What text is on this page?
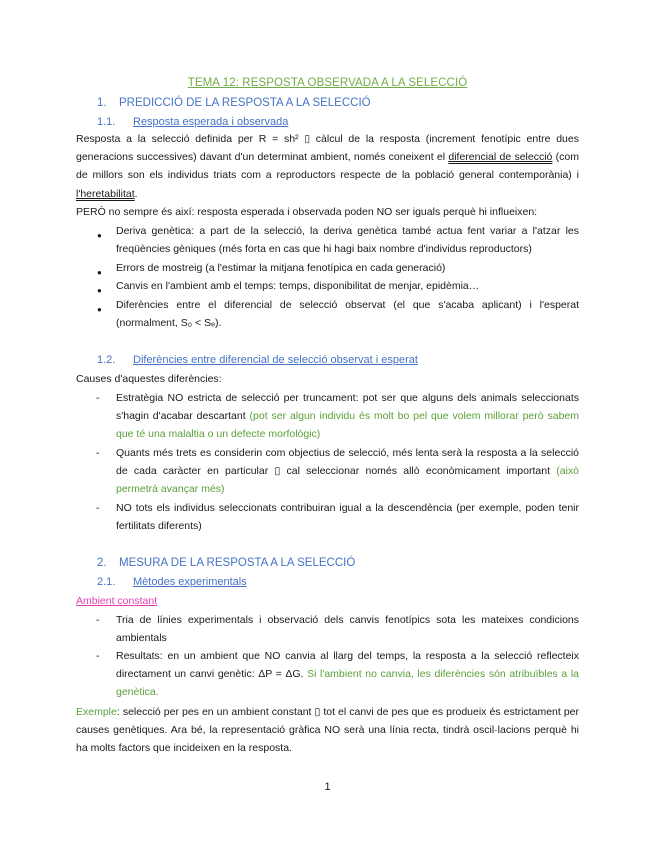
TEMA 12: RESPOSTA OBSERVADA A LA SELECCIÓ
1. PREDICCIÓ DE LA RESPOSTA A LA SELECCIÓ
1.1. Resposta esperada i observada
Resposta a la selecció definida per R = sh² ▯ càlcul de la resposta (increment fenotípic entre dues generacions successives) davant d'un determinat ambient, només coneixent el diferencial de selecció (com de millors son els individus triats com a reproductors respecte de la població general contemporània) i l'heretabilitat.
PERÒ no sempre és així: resposta esperada i observada poden NO ser iguals perquè hi influeixen:
● Deriva genètica: a part de la selecció, la deriva genètica també actua fent variar a l'atzar les freqüències gèniques (més forta en cas que hi hagi baix nombre d'individus reproductors)
● Errors de mostreig (a l'estimar la mitjana fenotípica en cada generació)
● Canvis en l'ambient amb el temps: temps, disponibilitat de menjar, epidèmia…
● Diferències entre el diferencial de selecció observat (el que s'acaba aplicant) i l'esperat (normalment, S₀ < Sₑ).
1.2. Diferències entre diferencial de selecció observat i esperat
Causes d'aquestes diferències:
- Estratègia NO estricta de selecció per truncament: pot ser que alguns dels animals seleccionats s'hagin d'acabar descartant (pot ser algun individu és molt bo pel que volem millorar però sabem que té una malaltia o un defecte morfològic)
- Quants més trets es considerin com objectius de selecció, més lenta serà la resposta a la selecció de cada caràcter en particular ▯ cal seleccionar només allò econòmicament important (això permetrà avançar més)
- NO tots els individus seleccionats contribuiran igual a la descendència (per exemple, poden tenir fertilitats diferents)
2. MESURA DE LA RESPOSTA A LA SELECCIÓ
2.1. Mètodes experimentals
Ambient constant
- Tria de línies experimentals i observació dels canvis fenotípics sota les mateixes condicions ambientals
- Resultats: en un ambient que NO canvia al llarg del temps, la resposta a la selecció reflecteix directament un canvi genètic: ΔP = ΔG. Si l'ambient no canvia, les diferències són atribuïbles a la genètica.
Exemple: selecció per pes en un ambient constant ▯ tot el canvi de pes que es produeix és estrictament per causes genètiques. Ara bé, la representació gràfica NO serà una línia recta, tindrà oscil·lacions perquè hi ha molts factors que incideixen en la resposta.
1
